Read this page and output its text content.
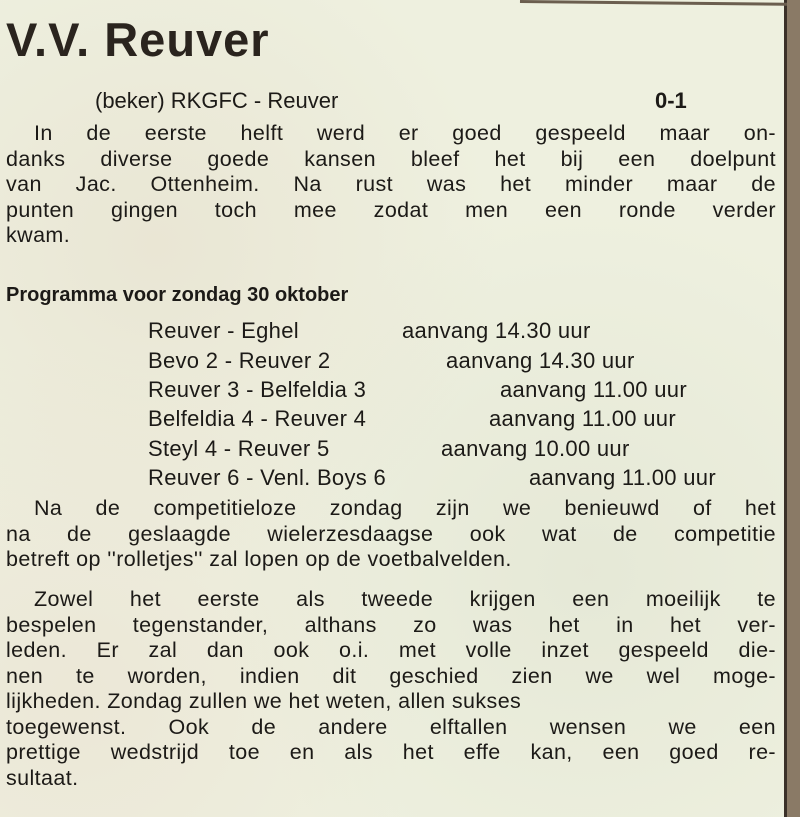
V.V. Reuver
(beker) RKGFC - Reuver	0-1
In de eerste helft werd er goed gespeeld maar on-
danks diverse goede kansen bleef het bij een doelpunt
van Jac. Ottenheim. Na rust was het minder maar de
punten gingen toch mee zodat men een ronde verder
kwam.
Programma voor zondag 30 oktober
Reuver - Eghel	aanvang 14.30 uur
Bevo 2 - Reuver 2	aanvang 14.30 uur
Reuver 3 - Belfeldia 3	aanvang 11.00 uur
Belfeldia 4 - Reuver 4	aanvang 11.00 uur
Steyl 4 - Reuver 5	aanvang 10.00 uur
Reuver 6 - Venl. Boys 6	aanvang 11.00 uur
Na de competitieloze zondag zijn we benieuwd of het
na de geslaagde wielerzesdaagse ook wat de competitie
betreft op ''rolletjes'' zal lopen op de voetbalvelden.
Zowel het eerste als tweede krijgen een moeilijk te
bespelen tegenstander, althans zo was het in het ver-
leden. Er zal dan ook o.i. met volle inzet gespeeld die-
nen te worden, indien dit geschied zien we wel moge-
lijkheden. Zondag zullen we het weten, allen sukses
toegewenst. Ook de andere elftallen wensen we een
prettige wedstrijd toe en als het effe kan, een goed re-
sultaat.
